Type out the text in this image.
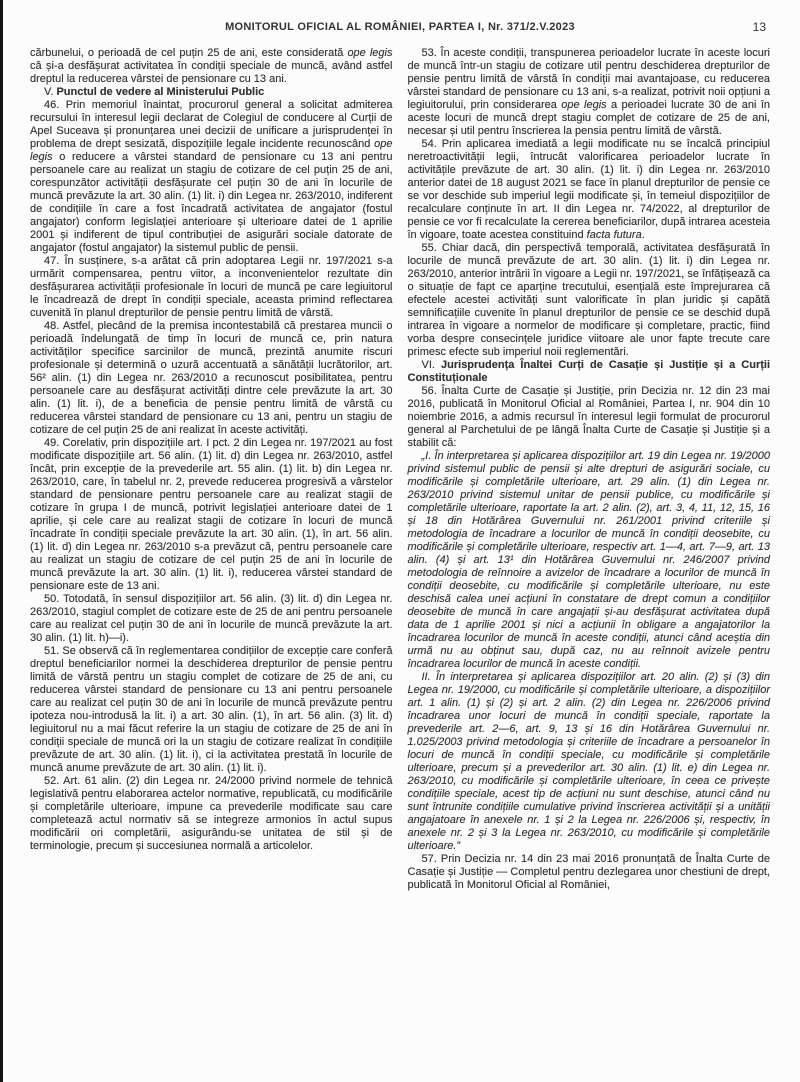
MONITORUL OFICIAL AL ROMÂNIEI, PARTEA I, Nr. 371/2.V.2023	13

cărbunelui, o perioadă de cel puțin 25 de ani, este considerată ope legis că și-a desfășurat activitatea în condiții speciale de muncă, având astfel dreptul la reducerea vârstei de pensionare cu 13 ani.

V. Punctul de vedere al Ministerului Public

46. Prin memoriul înaintat, procurorul general a solicitat admiterea recursului în interesul legii declarat de Colegiul de conducere al Curții de Apel Suceava și pronunțarea unei decizii de unificare a jurisprudenței în problema de drept sesizată, dispozițiile legale incidente recunoscând ope legis o reducere a vârstei standard de pensionare cu 13 ani pentru persoanele care au realizat un stagiu de cotizare de cel puțin 25 de ani, corespunzător activității desfășurate cel puțin 30 de ani în locurile de muncă prevăzute la art. 30 alin. (1) lit. i) din Legea nr. 263/2010, indiferent de condițiile în care a fost încadrată activitatea de angajator (fostul angajator) conform legislației anterioare și ulterioare datei de 1 aprilie 2001 și indiferent de tipul contribuției de asigurări sociale datorate de angajator (fostul angajator) la sistemul public de pensii.

47. În susținere, s-a arătat că prin adoptarea Legii nr. 197/2021 s-a urmărit compensarea, pentru viitor, a inconvenientelor rezultate din desfășurarea activității profesionale în locuri de muncă pe care legiuitorul le încadrează de drept în condiții speciale, aceasta primind reflectarea cuvenită în planul drepturilor de pensie pentru limită de vârstă.

48. Astfel, plecând de la premisa incontestabilă că prestarea muncii o perioadă îndelungată de timp în locuri de muncă ce, prin natura activităților specifice sarcinilor de muncă, prezintă anumite riscuri profesionale și determină o uzură accentuată a sănătății lucrătorilor, art. 56² alin. (1) din Legea nr. 263/2010 a recunoscut posibilitatea, pentru persoanele care au desfășurat activități dintre cele prevăzute la art. 30 alin. (1) lit. i), de a beneficia de pensie pentru limită de vârstă cu reducerea vârstei standard de pensionare cu 13 ani, pentru un stagiu de cotizare de cel puțin 25 de ani realizat în aceste activități.

49. Corelativ, prin dispozițiile art. I pct. 2 din Legea nr. 197/2021 au fost modificate dispozițiile art. 56 alin. (1) lit. d) din Legea nr. 263/2010, astfel încât, prin excepție de la prevederile art. 55 alin. (1) lit. b) din Legea nr. 263/2010, care, în tabelul nr. 2, prevede reducerea progresivă a vârstelor standard de pensionare pentru persoanele care au realizat stagii de cotizare în grupa I de muncă, potrivit legislației anterioare datei de 1 aprilie, și cele care au realizat stagii de cotizare în locuri de muncă încadrate în condiții speciale prevăzute la art. 30 alin. (1), în art. 56 alin. (1) lit. d) din Legea nr. 263/2010 s-a prevăzut că, pentru persoanele care au realizat un stagiu de cotizare de cel puțin 25 de ani în locurile de muncă prevăzute la art. 30 alin. (1) lit. i), reducerea vârstei standard de pensionare este de 13 ani.

50. Totodată, în sensul dispozițiilor art. 56 alin. (3) lit. d) din Legea nr. 263/2010, stagiul complet de cotizare este de 25 de ani pentru persoanele care au realizat cel puțin 30 de ani în locurile de muncă prevăzute la art. 30 alin. (1) lit. h)—i).

51. Se observă că în reglementarea condițiilor de excepție care conferă dreptul beneficiarilor normei la deschiderea drepturilor de pensie pentru limită de vârstă pentru un stagiu complet de cotizare de 25 de ani, cu reducerea vârstei standard de pensionare cu 13 ani pentru persoanele care au realizat cel puțin 30 de ani în locurile de muncă prevăzute pentru ipoteza nou-introdusă la lit. i) a art. 30 alin. (1), în art. 56 alin. (3) lit. d) legiuitorul nu a mai făcut referire la un stagiu de cotizare de 25 de ani în condiții speciale de muncă ori la un stagiu de cotizare realizat în condițiile prevăzute de art. 30 alin. (1) lit. i), ci la activitatea prestată în locurile de muncă anume prevăzute de art. 30 alin. (1) lit. i).

52. Art. 61 alin. (2) din Legea nr. 24/2000 privind normele de tehnică legislativă pentru elaborarea actelor normative, republicată, cu modificările și completările ulterioare, impune ca prevederile modificate sau care completează actul normativ să se integreze armonios în actul supus modificării ori completării, asigurându-se unitatea de stil și de terminologie, precum și succesiunea normală a articolelor.

53. În aceste condiții, transpunerea perioadelor lucrate în aceste locuri de muncă într-un stagiu de cotizare util pentru deschiderea drepturilor de pensie pentru limită de vârstă în condiții mai avantajoase, cu reducerea vârstei standard de pensionare cu 13 ani, s-a realizat, potrivit noii opțiuni a legiuitorului, prin considerarea ope legis a perioadei lucrate 30 de ani în aceste locuri de muncă drept stagiu complet de cotizare de 25 de ani, necesar și util pentru înscrierea la pensia pentru limită de vârstă.

54. Prin aplicarea imediată a legii modificate nu se încalcă principiul neretroactivității legii, întrucât valorificarea perioadelor lucrate în activitățile prevăzute de art. 30 alin. (1) lit. i) din Legea nr. 263/2010 anterior datei de 18 august 2021 se face în planul drepturilor de pensie ce se vor deschide sub imperiul legii modificate și, în temeiul dispozițiilor de recalculare conținute în art. II din Legea nr. 74/2022, al drepturilor de pensie ce vor fi recalculate la cererea beneficiarilor, după intrarea acesteia în vigoare, toate acestea constituind facta futura.

55. Chiar dacă, din perspectivă temporală, activitatea desfășurată în locurile de muncă prevăzute de art. 30 alin. (1) lit. i) din Legea nr. 263/2010, anterior intrării în vigoare a Legii nr. 197/2021, se înfățișează ca o situație de fapt ce aparține trecutului, esențială este împrejurarea că efectele acestei activități sunt valorificate în plan juridic și capătă semnificațiile cuvenite în planul drepturilor de pensie ce se deschid după intrarea în vigoare a normelor de modificare și completare, practic, fiind vorba despre consecințele juridice viitoare ale unor fapte trecute care primesc efecte sub imperiul noii reglementări.

VI. Jurisprudența Înaltei Curți de Casație și Justiție și a Curții Constituționale

56. Înalta Curte de Casație și Justiție, prin Decizia nr. 12 din 23 mai 2016, publicată în Monitorul Oficial al României, Partea I, nr. 904 din 10 noiembrie 2016, a admis recursul în interesul legii formulat de procurorul general al Parchetului de pe lângă Înalta Curte de Casație și Justiție și a stabilit că:

„I. În interpretarea și aplicarea dispozițiilor art. 19 din Legea nr. 19/2000 privind sistemul public de pensii și alte drepturi de asigurări sociale, cu modificările și completările ulterioare, art. 29 alin. (1) din Legea nr. 263/2010 privind sistemul unitar de pensii publice, cu modificările și completările ulterioare, raportate la art. 2 alin. (2), art. 3, 4, 11, 12, 15, 16 și 18 din Hotărârea Guvernului nr. 261/2001 privind criteriile și metodologia de încadrare a locurilor de muncă în condiții deosebite, cu modificările și completările ulterioare, respectiv art. 1—4, art. 7—9, art. 13 alin. (4) și art. 13¹ din Hotărârea Guvernului nr. 246/2007 privind metodologia de reînnoire a avizelor de încadrare a locurilor de muncă în condiții deosebite, cu modificările și completările ulterioare, nu este deschisă calea unei acțiuni în constatare de drept comun a condițiilor deosebite de muncă în care angajații și-au desfășurat activitatea după data de 1 aprilie 2001 și nici a acțiunii în obligare a angajatorilor la încadrarea locurilor de muncă în aceste condiții, atunci când aceștia din urmă nu au obținut sau, după caz, nu au reînnoit avizele pentru încadrarea locurilor de muncă în aceste condiții.

II. În interpretarea și aplicarea dispozițiilor art. 20 alin. (2) și (3) din Legea nr. 19/2000, cu modificările și completările ulterioare, a dispozițiilor art. 1 alin. (1) și (2) și art. 2 alin. (2) din Legea nr. 226/2006 privind încadrarea unor locuri de muncă în condiții speciale, raportate la prevederile art. 2—6, art. 9, 13 și 16 din Hotărârea Guvernului nr. 1.025/2003 privind metodologia și criteriile de încadrare a persoanelor în locuri de muncă în condiții speciale, cu modificările și completările ulterioare, precum și a prevederilor art. 30 alin. (1) lit. e) din Legea nr. 263/2010, cu modificările și completările ulterioare, în ceea ce privește condițiile speciale, acest tip de acțiuni nu sunt deschise, atunci când nu sunt întrunite condițiile cumulative privind înscrierea activității și a unității angajatoare în anexele nr. 1 și 2 la Legea nr. 226/2006 și, respectiv, în anexele nr. 2 și 3 la Legea nr. 263/2010, cu modificările și completările ulterioare.”

57. Prin Decizia nr. 14 din 23 mai 2016 pronunțată de Înalta Curte de Casație și Justiție — Completul pentru dezlegarea unor chestiuni de drept, publicată în Monitorul Oficial al României,
